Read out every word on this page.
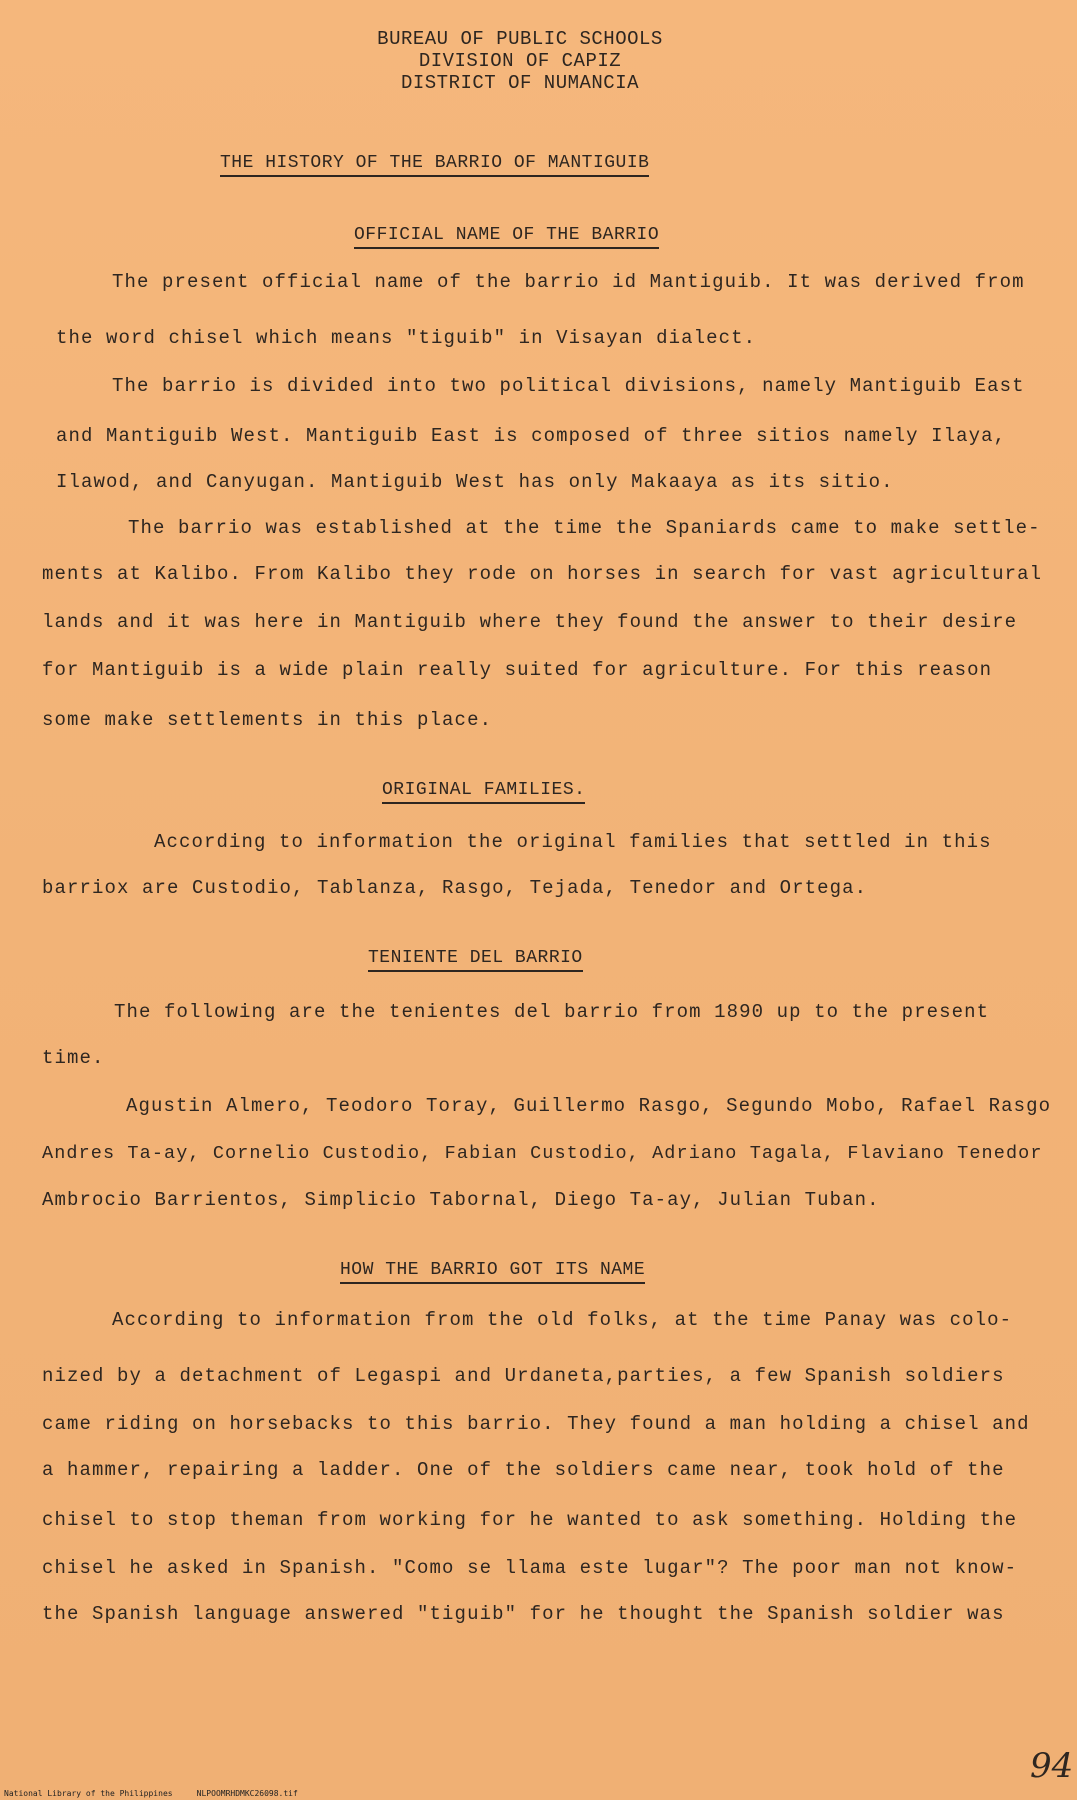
BUREAU OF PUBLIC SCHOOLS
DIVISION OF CAPIZ
DISTRICT OF NUMANCIA
THE HISTORY OF THE BARRIO OF MANTIGUIB
OFFICIAL NAME OF THE BARRIO
The present official name of the barrio id Mantiguib. It was derived from
the word chisel which means "tiguib" in Visayan dialect.
The barrio is divided into two political divisions, namely Mantiguib East
and Mantiguib West. Mantiguib East is composed of three sitios namely Ilaya,
Ilawod, and Canyugan. Mantiguib West has only Makaaya as its sitio.
The barrio was established at the time the Spaniards came to make settle-
ments at Kalibo. From Kalibo they rode on horses in search for vast agricultural
lands and it was here in Mantiguib where they found the answer to their desire
for Mantiguib is a wide plain really suited for agriculture. For this reason
some make settlements in this place.
ORIGINAL FAMILIES.
According to information the original families that settled in this
barriox are Custodio, Tablanza, Rasgo, Tejada, Tenedor and Ortega.
TENIENTE DEL BARRIO
The following are the tenientes del barrio from 1890 up to the present
time.
Agustin Almero, Teodoro Toray, Guillermo Rasgo, Segundo Mobo, Rafael Rasgo
Andres Ta-ay, Cornelio Custodio, Fabian Custodio, Adriano Tagala, Flaviano Tenedor
Ambrocio Barrientos, Simplicio Tabornal, Diego Ta-ay, Julian Tuban.
HOW THE BARRIO GOT ITS NAME
According to information from the old folks, at the time Panay was colo-
nized by a detachment of Legaspi and Urdaneta,parties, a few Spanish soldiers
came riding on horsebacks to this barrio. They found a man holding a chisel and
a hammer, repairing a ladder. One of the soldiers came near, took hold of the
chisel to stop theman from working for he wanted to ask something. Holding the
chisel he asked in Spanish. "Como se llama este lugar"? The poor man not know-
the Spanish language answered "tiguib" for he thought the Spanish soldier was
94
National Library of the Philippines	NLPOOMRHDMKC26098.tif
